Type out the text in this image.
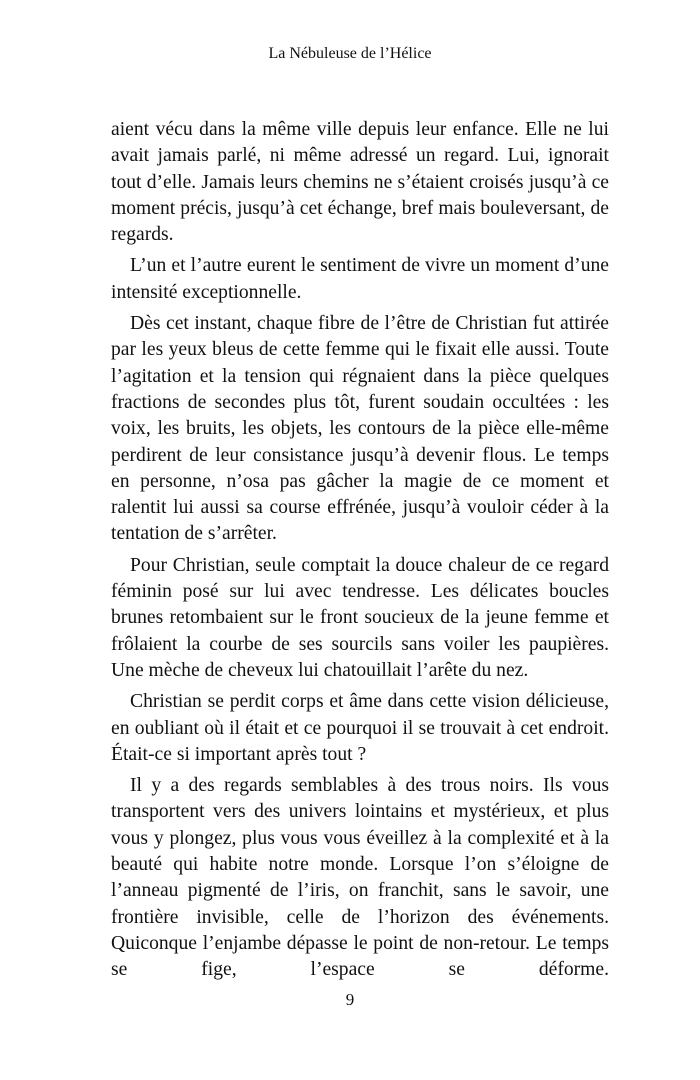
La Nébuleuse de l’Hélice

aient vécu dans la même ville depuis leur enfance. Elle ne lui avait jamais parlé, ni même adressé un regard. Lui, ignorait tout d’elle. Jamais leurs chemins ne s’étaient croisés jusqu’à ce moment précis, jusqu’à cet échange, bref mais bouleversant, de regards.

L’un et l’autre eurent le sentiment de vivre un moment d’une intensité exceptionnelle.

Dès cet instant, chaque fibre de l’être de Christian fut attirée par les yeux bleus de cette femme qui le fixait elle aussi. Toute l’agitation et la tension qui régnaient dans la pièce quelques fractions de secondes plus tôt, furent soudain occultées : les voix, les bruits, les objets, les contours de la pièce elle-même perdirent de leur consistance jusqu’à devenir flous. Le temps en personne, n’osa pas gâcher la magie de ce moment et ralentit lui aussi sa course effrénée, jusqu’à vouloir céder à la tentation de s’arrêter.

Pour Christian, seule comptait la douce chaleur de ce regard féminin posé sur lui avec tendresse. Les délicates boucles brunes retombaient sur le front soucieux de la jeune femme et frôlaient la courbe de ses sourcils sans voiler les paupières. Une mèche de cheveux lui chatouillait l’arête du nez.

Christian se perdit corps et âme dans cette vision délicieuse, en oubliant où il était et ce pourquoi il se trouvait à cet endroit. Était-ce si important après tout ?

Il y a des regards semblables à des trous noirs. Ils vous transportent vers des univers lointains et mystérieux, et plus vous y plongez, plus vous vous éveillez à la complexité et à la beauté qui habite notre monde. Lorsque l’on s’éloigne de l’anneau pigmenté de l’iris, on franchit, sans le savoir, une frontière invisible, celle de l’horizon des événements. Quiconque l’enjambe dépasse le point de non-retour. Le temps se fige, l’espace se déforme.

9
